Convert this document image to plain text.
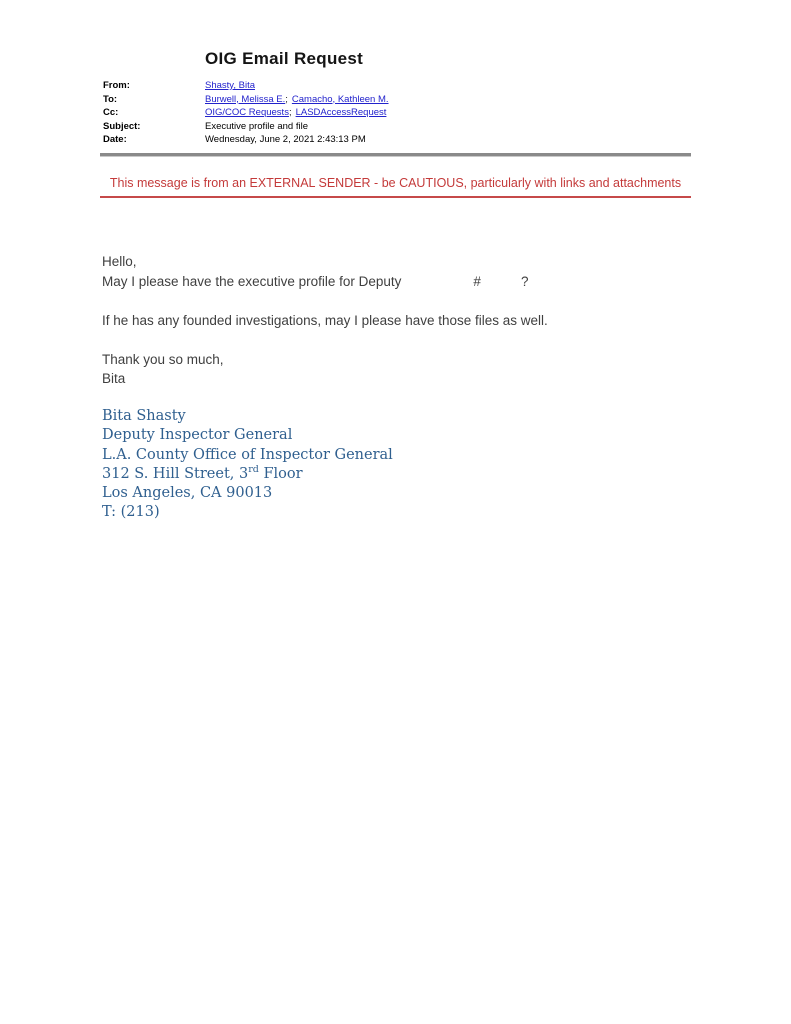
OIG Email Request
From:	Shasty, Bita
To:	Burwell, Melissa E.; Camacho, Kathleen M.
Cc:	OIG/COC Requests; LASDAccessRequest
Subject:	Executive profile and file
Date:	Wednesday, June 2, 2021 2:43:13 PM
This message is from an EXTERNAL SENDER - be CAUTIOUS, particularly with links and attachments
Hello,
May I please have the executive profile for Deputy	#	?
If he has any founded investigations, may I please have those files as well.
Thank you so much,
Bita
Bita Shasty
Deputy Inspector General
L.A. County Office of Inspector General
312 S. Hill Street, 3rd Floor
Los Angeles, CA 90013
T: (213)
